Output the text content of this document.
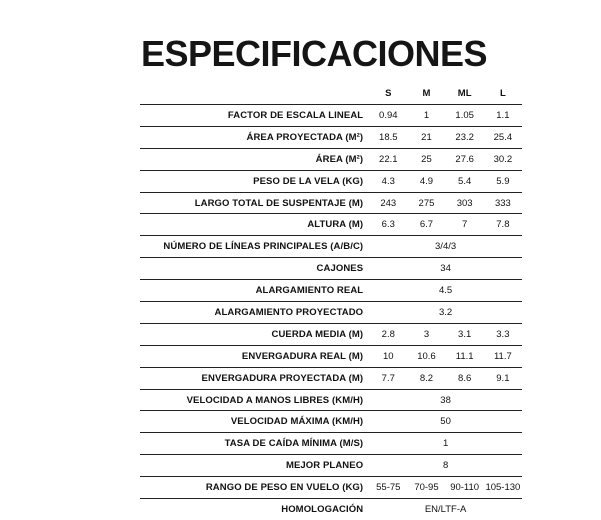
ESPECIFICACIONES
	S	M	ML	L
FACTOR DE ESCALA LINEAL	0.94	1	1.05	1.1
ÁREA PROYECTADA (M²)	18.5	21	23.2	25.4
ÁREA (M²)	22.1	25	27.6	30.2
PESO DE LA VELA (KG)	4.3	4.9	5.4	5.9
LARGO TOTAL DE SUSPENTAJE (M)	243	275	303	333
ALTURA (M)	6.3	6.7	7	7.8
NÚMERO DE LÍNEAS PRINCIPALES (A/B/C)	3/4/3			
CAJONES	34			
ALARGAMIENTO REAL	4.5			
ALARGAMIENTO PROYECTADO	3.2			
CUERDA MEDIA (M)	2.8	3	3.1	3.3
ENVERGADURA REAL (M)	10	10.6	11.1	11.7
ENVERGADURA PROYECTADA (M)	7.7	8.2	8.6	9.1
VELOCIDAD A MANOS LIBRES (KM/H)	38			
VELOCIDAD MÁXIMA (KM/H)	50			
TASA DE CAÍDA MÍNIMA (M/S)	1			
MEJOR PLANEO	8			
RANGO DE PESO EN VUELO (KG)	55-75	70-95	90-110	105-130
HOMOLOGACIÓN	EN/LTF-A			
